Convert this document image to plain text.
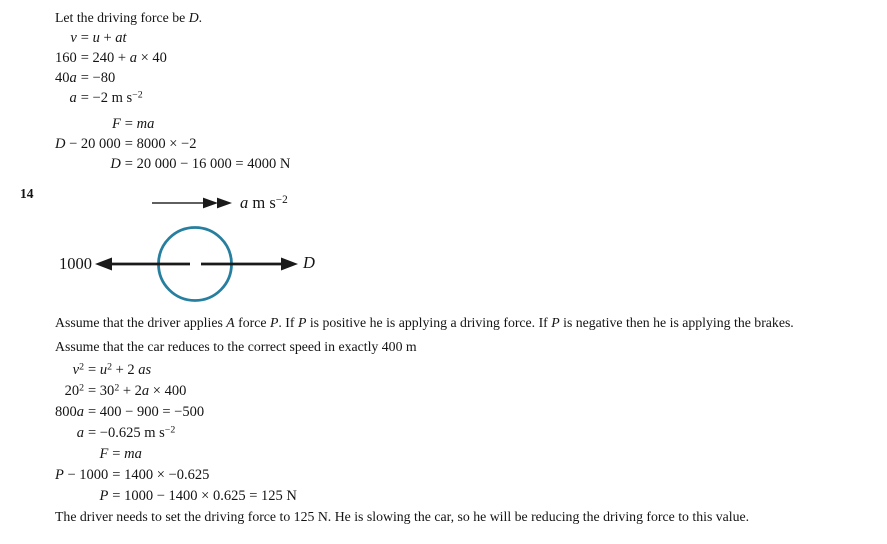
Let the driving force be D.
v = u + at
160 = 240 + a × 40
40a = −80
a = −2 m $s^{-2}$
F = ma
D − 20 000 = 8000 × −2
D = 20 000 − 16 000 = 4000 N
14	a m $s^{-2}$
1000	D
Assume that the driver applies A force P. If P is positive he is applying a driving force. If P is negative then he is applying the brakes.
Assume that the car reduces to the correct speed in exactly 400 m
$v^2 = u^2 + 2$ as
$20^2 = 30^2 + 2a \times 400$
800a = 400 − 900 = −500
a = −0.625 m $s^{-2}$
F = ma
P − 1000 = 1400 × −0.625
P = 1000 − 1400 × 0.625 = 125 N
The driver needs to set the driving force to 125 N. He is slowing the car, so he will be reducing the driving force to this value.
